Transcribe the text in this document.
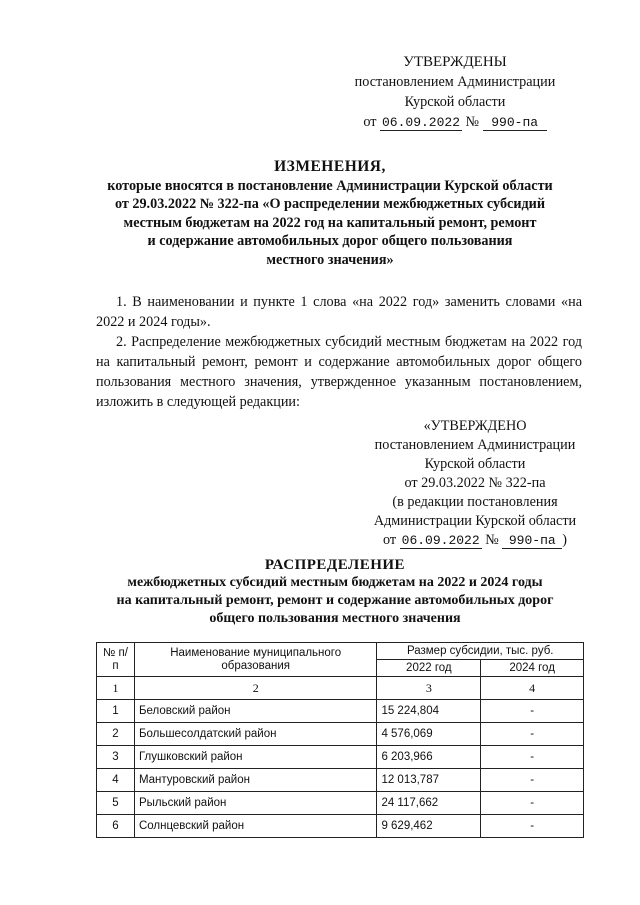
УТВЕРЖДЕНЫ
постановлением Администрации
Курской области
от 06.09.2022 № 990-па
ИЗМЕНЕНИЯ,
которые вносятся в постановление Администрации Курской области
от 29.03.2022 № 322-па «О распределении межбюджетных субсидий
местным бюджетам на 2022 год на капитальный ремонт, ремонт
и содержание автомобильных дорог общего пользования
местного значения»

1. В наименовании и пункте 1 слова «на 2022 год» заменить словами «на 2022 и 2024 годы».

2. Распределение межбюджетных субсидий местным бюджетам на 2022 год на капитальный ремонт, ремонт и содержание автомобильных дорог общего пользования местного значения, утвержденное указанным постановлением, изложить в следующей редакции:

«УТВЕРЖДЕНО
постановлением Администрации
Курской области
от 29.03.2022 № 322-па
(в редакции постановления
Администрации Курской области
от 06.09.2022 № 990-па )
РАСПРЕДЕЛЕНИЕ
межбюджетных субсидий местным бюджетам на 2022 и 2024 годы
на капитальный ремонт, ремонт и содержание автомобильных дорог
общего пользования местного значения
№ п/п	Наименование муниципального образования	Размер субсидии, тыс. руб.	
		2022 год	2024 год
1	2	3	4
1	Беловский район	15 224,804	-
2	Большесолдатский район	4 576,069	-
3	Глушковский район	6 203,966	-
4	Мантуровский район	12 013,787	-
5	Рыльский район	24 117,662	-
6	Солнцевский район	9 629,462	-
